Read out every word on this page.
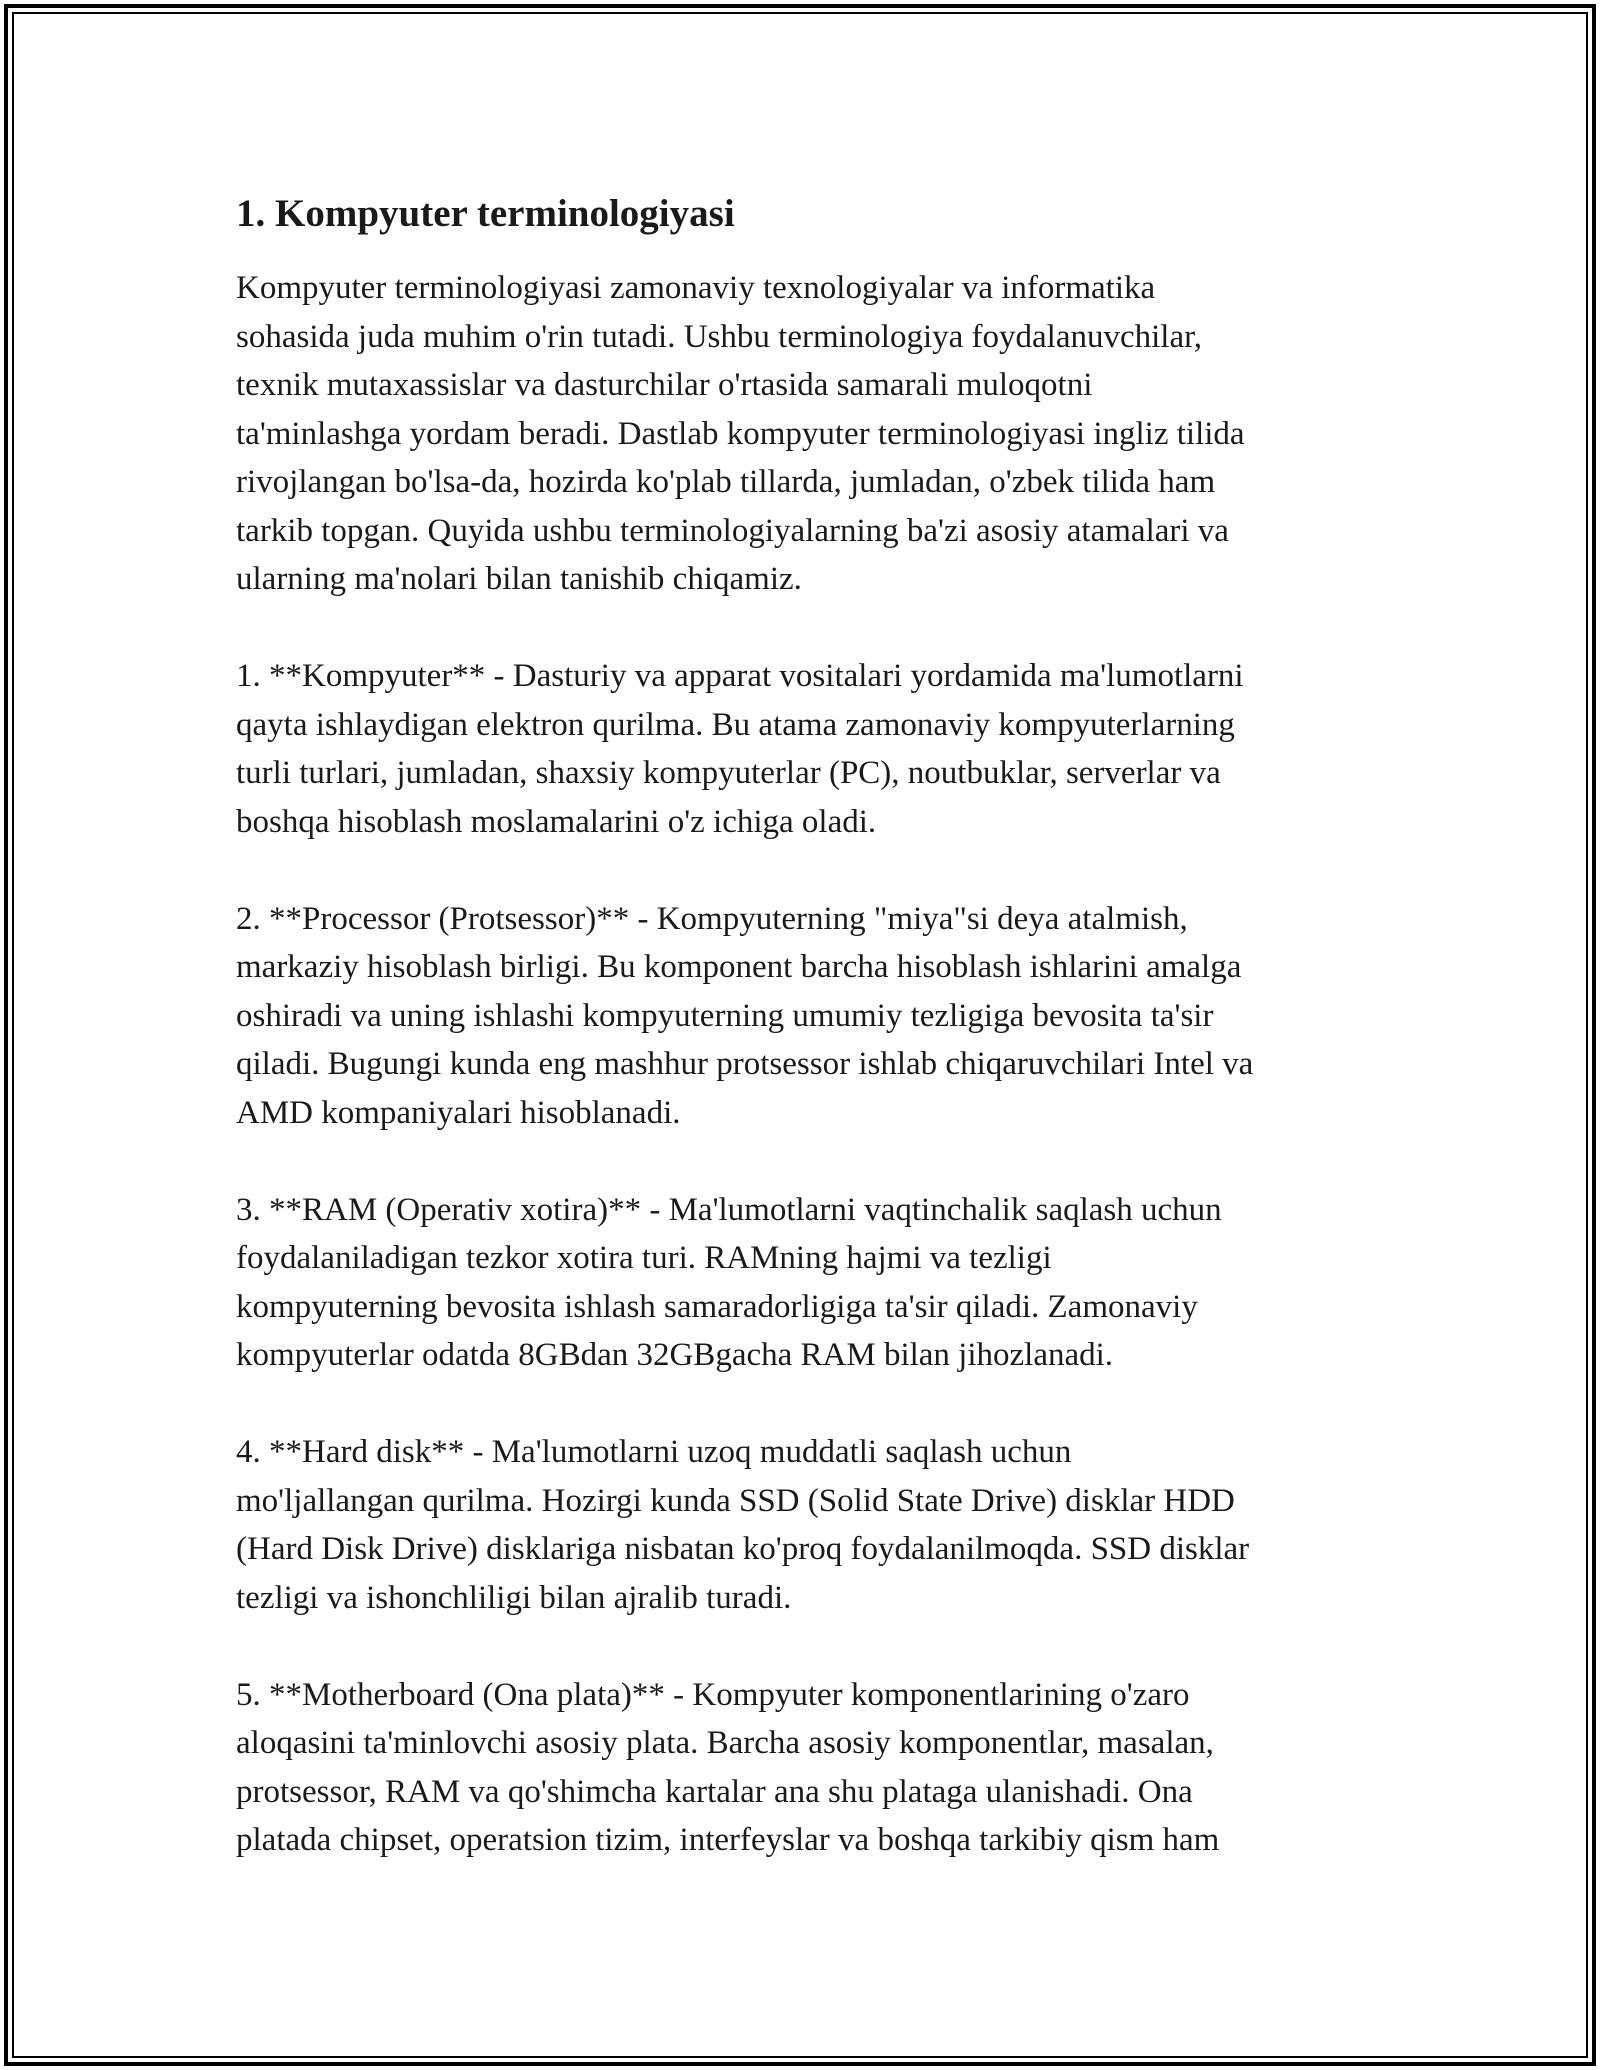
1. Kompyuter terminologiyasi

Kompyuter terminologiyasi zamonaviy texnologiyalar va informatika
sohasida juda muhim o'rin tutadi. Ushbu terminologiya foydalanuvchilar,
texnik mutaxassislar va dasturchilar o'rtasida samarali muloqotni
ta'minlashga yordam beradi. Dastlab kompyuter terminologiyasi ingliz tilida
rivojlangan bo'lsa-da, hozirda ko'plab tillarda, jumladan, o'zbek tilida ham
tarkib topgan. Quyida ushbu terminologiyalarning ba'zi asosiy atamalari va
ularning ma'nolari bilan tanishib chiqamiz.

1. **Kompyuter** - Dasturiy va apparat vositalari yordamida ma'lumotlarni
qayta ishlaydigan elektron qurilma. Bu atama zamonaviy kompyuterlarning
turli turlari, jumladan, shaxsiy kompyuterlar (PC), noutbuklar, serverlar va
boshqa hisoblash moslamalarini o'z ichiga oladi.

2. **Processor (Protsessor)** - Kompyuterning "miya"si deya atalmish,
markaziy hisoblash birligi. Bu komponent barcha hisoblash ishlarini amalga
oshiradi va uning ishlashi kompyuterning umumiy tezligiga bevosita ta'sir
qiladi. Bugungi kunda eng mashhur protsessor ishlab chiqaruvchilari Intel va
AMD kompaniyalari hisoblanadi.

3. **RAM (Operativ xotira)** - Ma'lumotlarni vaqtinchalik saqlash uchun
foydalaniladigan tezkor xotira turi. RAMning hajmi va tezligi
kompyuterning bevosita ishlash samaradorligiga ta'sir qiladi. Zamonaviy
kompyuterlar odatda 8GBdan 32GBgacha RAM bilan jihozlanadi.

4. **Hard disk** - Ma'lumotlarni uzoq muddatli saqlash uchun
mo'ljallangan qurilma. Hozirgi kunda SSD (Solid State Drive) disklar HDD
(Hard Disk Drive) disklariga nisbatan ko'proq foydalanilmoqda. SSD disklar
tezligi va ishonchliligi bilan ajralib turadi.

5. **Motherboard (Ona plata)** - Kompyuter komponentlarining o'zaro
aloqasini ta'minlovchi asosiy plata. Barcha asosiy komponentlar, masalan,
protsessor, RAM va qo'shimcha kartalar ana shu plataga ulanishadi. Ona
platada chipset, operatsion tizim, interfeyslar va boshqa tarkibiy qism ham
